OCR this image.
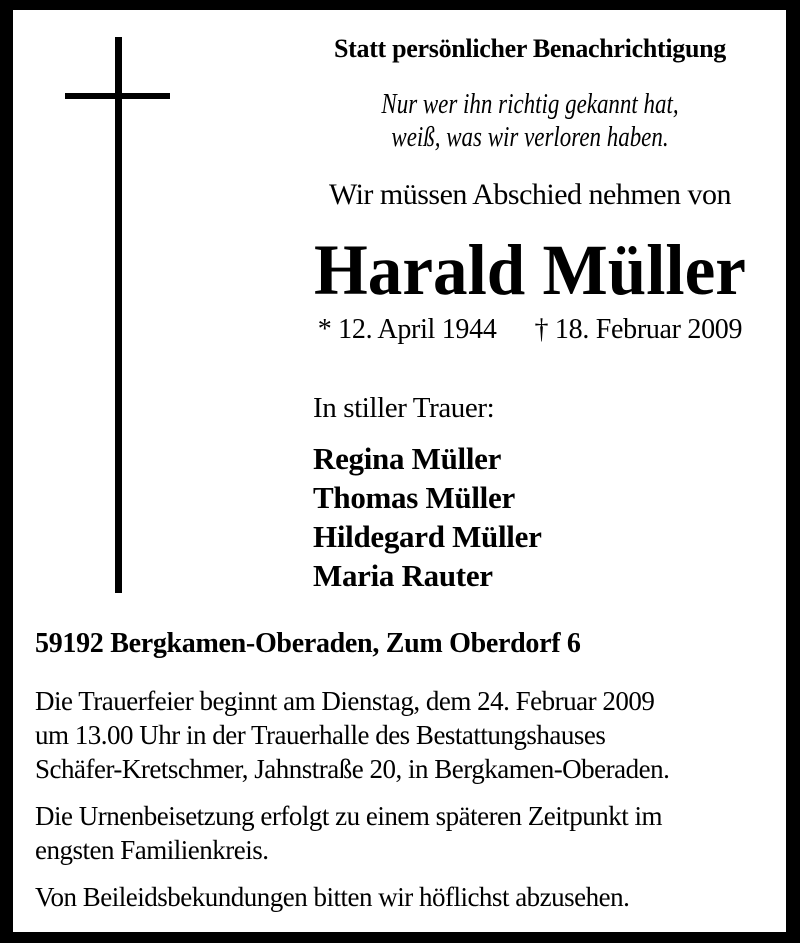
Statt persönlicher Benachrichtigung
Nur wer ihn richtig gekannt hat,
weiß, was wir verloren haben.
Wir müssen Abschied nehmen von
Harald Müller
* 12. April 1944 † 18. Februar 2009
In stiller Trauer:
Regina Müller
Thomas Müller
Hildegard Müller
Maria Rauter
59192 Bergkamen-Oberaden, Zum Oberdorf 6
Die Trauerfeier beginnt am Dienstag, dem 24. Februar 2009
um 13.00 Uhr in der Trauerhalle des Bestattungshauses
Schäfer-Kretschmer, Jahnstraße 20, in Bergkamen-Oberaden.
Die Urnenbeisetzung erfolgt zu einem späteren Zeitpunkt im
engsten Familienkreis.
Von Beileidsbekundungen bitten wir höflichst abzusehen.
